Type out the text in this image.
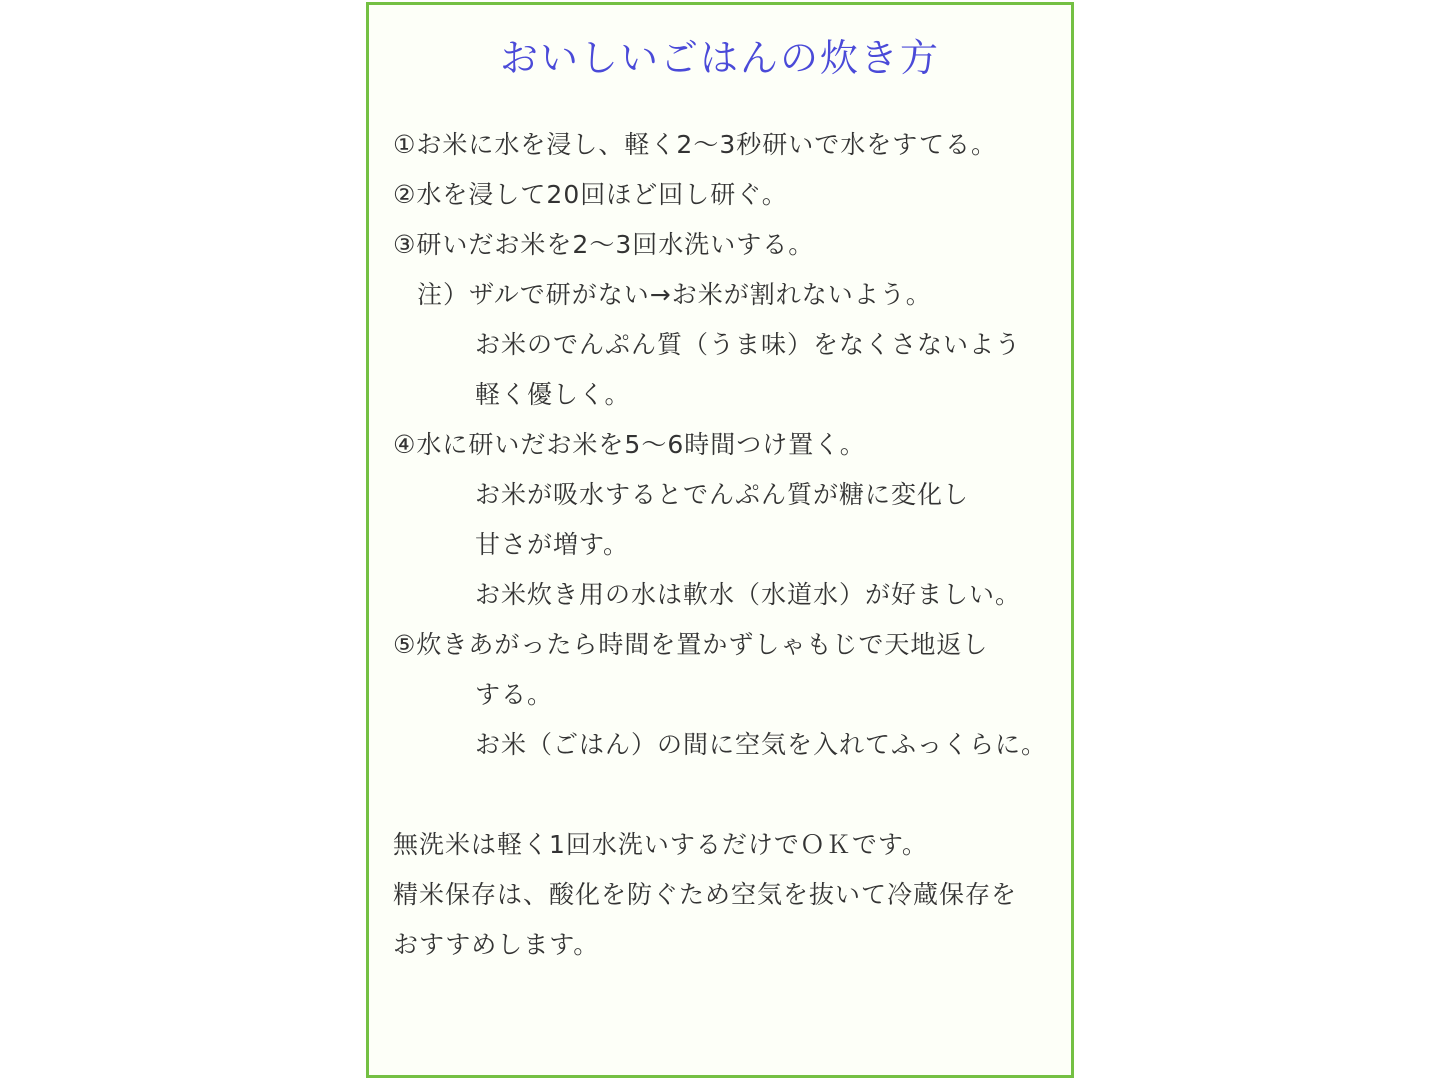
おいしいごはんの炊き方
①お米に水を浸し、軽く2〜3秒研いで水をすてる。
②水を浸して20回ほど回し研ぐ。
③研いだお米を2〜3回水洗いする。
注）ザルで研がない→お米が割れないよう。
お米のでんぷん質（うま味）をなくさないよう
軽く優しく。
④水に研いだお米を5〜6時間つけ置く。
お米が吸水するとでんぷん質が糖に変化し
甘さが増す。
お米炊き用の水は軟水（水道水）が好ましい。
⑤炊きあがったら時間を置かずしゃもじで天地返し
する。
お米（ごはん）の間に空気を入れてふっくらに。
無洗米は軽く1回水洗いするだけでＯＫです。
精米保存は、酸化を防ぐため空気を抜いて冷蔵保存を
おすすめします。
